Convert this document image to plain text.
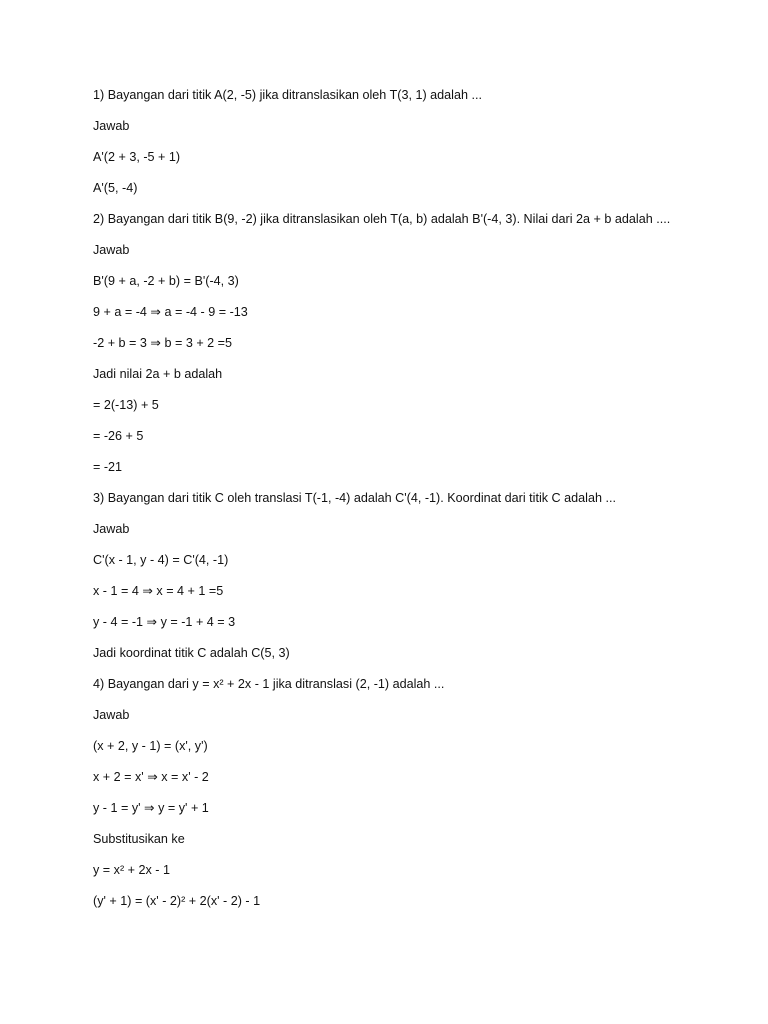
1) Bayangan dari titik A(2, -5) jika ditranslasikan oleh T(3, 1) adalah ...

Jawab

A'(2 + 3, -5 + 1)

A'(5, -4)

2) Bayangan dari titik B(9, -2) jika ditranslasikan oleh T(a, b) adalah B'(-4, 3). Nilai dari 2a + b adalah ....

Jawab

B'(9 + a, -2 + b) = B'(-4, 3)

9 + a = -4 ⇒ a = -4 - 9 = -13

-2 + b = 3 ⇒ b = 3 + 2 =5

Jadi nilai 2a + b adalah

= 2(-13) + 5

= -26 + 5

= -21

3) Bayangan dari titik C oleh translasi T(-1, -4) adalah C'(4, -1). Koordinat dari titik C adalah ...

Jawab

C'(x - 1, y - 4) = C'(4, -1)

x - 1 = 4 ⇒ x = 4 + 1 =5

y - 4 = -1 ⇒ y = -1 + 4 = 3

Jadi koordinat titik C adalah C(5, 3)

4) Bayangan dari y = x² + 2x - 1 jika ditranslasi (2, -1) adalah ...

Jawab

(x + 2, y - 1) = (x', y')

x + 2 = x' ⇒ x = x' - 2

y - 1 = y' ⇒ y = y' + 1

Substitusikan ke

y = x² + 2x - 1

(y' + 1) = (x' - 2)² + 2(x' - 2) - 1
